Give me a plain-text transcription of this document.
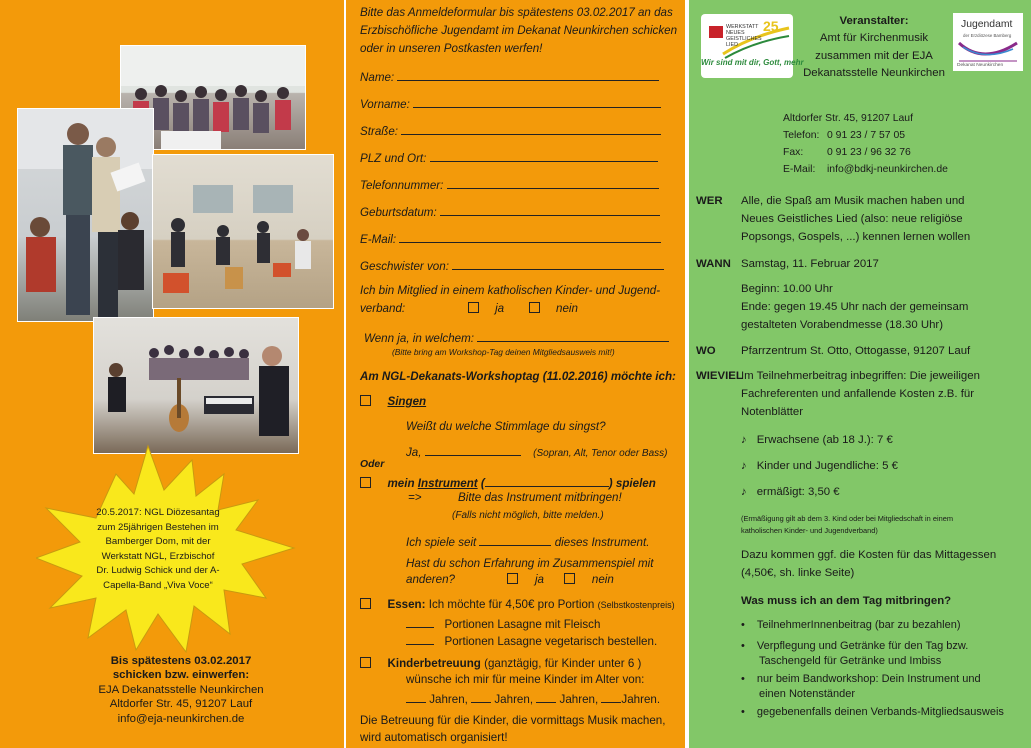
20.5.2017: NGL Diözesantag
zum 25jährigen Bestehen im
Bamberger Dom, mit der
Werkstatt NGL, Erzbischof
Dr. Ludwig Schick und der A-
Capella-Band „Viva Voce“
Bis spätestens 03.02.2017
schicken bzw. einwerfen:
EJA Dekanatsstelle Neunkirchen
Altdorfer Str. 45, 91207 Lauf
info@eja-neunkirchen.de
Bitte das Anmeldeformular bis spätestens 03.02.2017 an das
Erzbischöfliche Jugendamt im Dekanat Neunkirchen schicken
oder in unseren Postkasten werfen!
Name:
Vorname:
Straße:
PLZ und Ort:
Telefonnummer:
Geburtsdatum:
E-Mail:
Geschwister von:
Ich bin Mitglied in einem katholischen Kinder- und Jugend-
verband:	ja	nein
Wenn ja, in welchem:
(Bitte bring am Workshop-Tag deinen Mitgliedsausweis mit!)
Am NGL-Dekanats-Workshoptag (11.02.2016) möchte ich:
Singen
Weißt du welche Stimmlage du singst?
Ja,	(Sopran, Alt, Tenor oder Bass)
Oder
mein Instrument (	) spielen
=>	Bitte das Instrument mitbringen!
(Falls nicht möglich, bitte melden.)
Ich spiele seit	dieses Instrument.
Hast du schon Erfahrung im Zusammenspiel mit
anderen?	ja	nein
Essen: Ich möchte für 4,50€ pro Portion (Selbstkostenpreis)
Portionen Lasagne mit Fleisch
Portionen Lasagne vegetarisch bestellen.
Kinderbetreuung (ganztägig, für Kinder unter 6 )
wünsche ich mir für meine Kinder im Alter von:
Jahren, Jahren, Jahren, Jahren.
Die Betreuung für die Kinder, die vormittags Musik machen,
wird automatisch organisiert!
WERKSTATT NEUES GEISTLICHES LIED
25
Wir sind mit dir, Gott, mehr
Jugendamt
der Erzdiözese Bamberg
Dekanat Neunkirchen
Veranstalter:
Amt für Kirchenmusik
zusammen mit der EJA
Dekanatsstelle Neunkirchen
Altdorfer Str. 45, 91207 Lauf
Telefon: 0 91 23 / 7 57 05
Fax: 0 91 23 / 96 32 76
E-Mail: info@bdkj-neunkirchen.de
WER Alle, die Spaß am Musik machen haben und
Neues Geistliches Lied (also: neue religiöse
Popsongs, Gospels, ...) kennen lernen wollen
WANN Samstag, 11. Februar 2017
Beginn: 10.00 Uhr
Ende: gegen 19.45 Uhr nach der gemeinsam
gestalteten Vorabendmesse (18.30 Uhr)
WO Pfarrzentrum St. Otto, Ottogasse, 91207 Lauf
WIEVIEL
Im Teilnehmerbeitrag inbegriffen: Die jeweiligen
Fachreferenten und anfallende Kosten z.B. für
Notenblätter
♪ Erwachsene (ab 18 J.): 7 €
♪ Kinder und Jugendliche: 5 €
♪ ermäßigt: 3,50 €
(Ermäßigung gilt ab dem 3. Kind oder bei Mitgliedschaft in einem
katholischen Kinder- und Jugendverband)
Dazu kommen ggf. die Kosten für das Mittagessen
(4,50€, sh. linke Seite)
Was muss ich an dem Tag mitbringen?
• TeilnehmerInnenbeitrag (bar zu bezahlen)
• Verpflegung und Getränke für den Tag bzw.
Taschengeld für Getränke und Imbiss
• nur beim Bandworkshop: Dein Instrument und
einen Notenständer
• gegebenenfalls deinen Verbands-Mitgliedsausweis
